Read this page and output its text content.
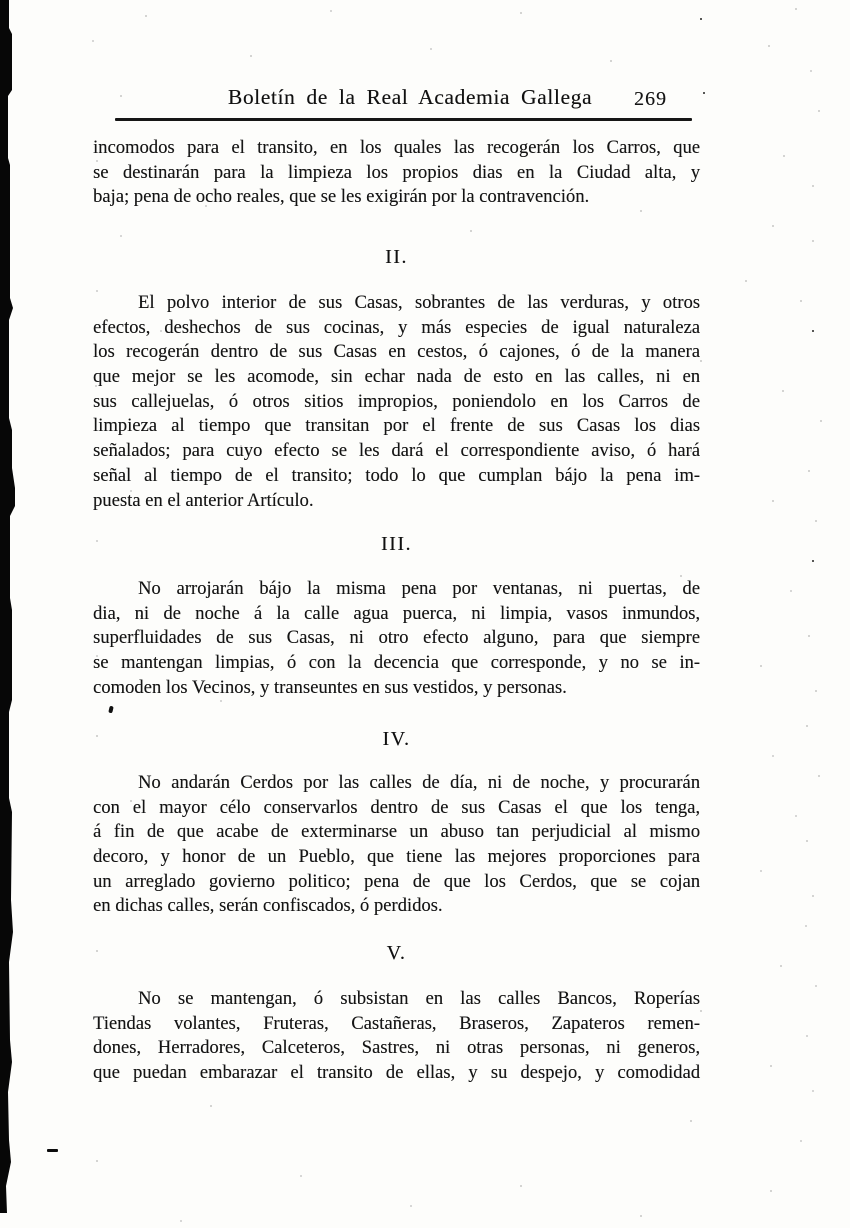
Boletín de la Real Academia Gallega	269
incomodos para el transito, en los quales las recogerán los Carros, que
se destinarán para la limpieza los propios dias en la Ciudad alta, y
baja; pena de ocho reales, que se les exigirán por la contravención.
II.
El polvo interior de sus Casas, sobrantes de las verduras, y otros
efectos, deshechos de sus cocinas, y más especies de igual naturaleza
los recogerán dentro de sus Casas en cestos, ó cajones, ó de la manera
que mejor se les acomode, sin echar nada de esto en las calles, ni en
sus callejuelas, ó otros sitios impropios, poniendolo en los Carros de
limpieza al tiempo que transitan por el frente de sus Casas los dias
señalados; para cuyo efecto se les dará el correspondiente aviso, ó hará
señal al tiempo de el transito; todo lo que cumplan bájo la pena im-
puesta en el anterior Artículo.
III.
No arrojarán bájo la misma pena por ventanas, ni puertas, de
dia, ni de noche á la calle agua puerca, ni limpia, vasos inmundos,
superfluidades de sus Casas, ni otro efecto alguno, para que siempre
se mantengan limpias, ó con la decencia que corresponde, y no se in-
comoden los Vecinos, y transeuntes en sus vestidos, y personas.
IV.
No andarán Cerdos por las calles de día, ni de noche, y procurarán
con el mayor célo conservarlos dentro de sus Casas el que los tenga,
á fin de que acabe de exterminarse un abuso tan perjudicial al mismo
decoro, y honor de un Pueblo, que tiene las mejores proporciones para
un arreglado govierno politico; pena de que los Cerdos, que se cojan
en dichas calles, serán confiscados, ó perdidos.
V.
No se mantengan, ó subsistan en las calles Bancos, Roperías
Tiendas volantes, Fruteras, Castañeras, Braseros, Zapateros remen-
dones, Herradores, Calceteros, Sastres, ni otras personas, ni generos,
que puedan embarazar el transito de ellas, y su despejo, y comodidad
